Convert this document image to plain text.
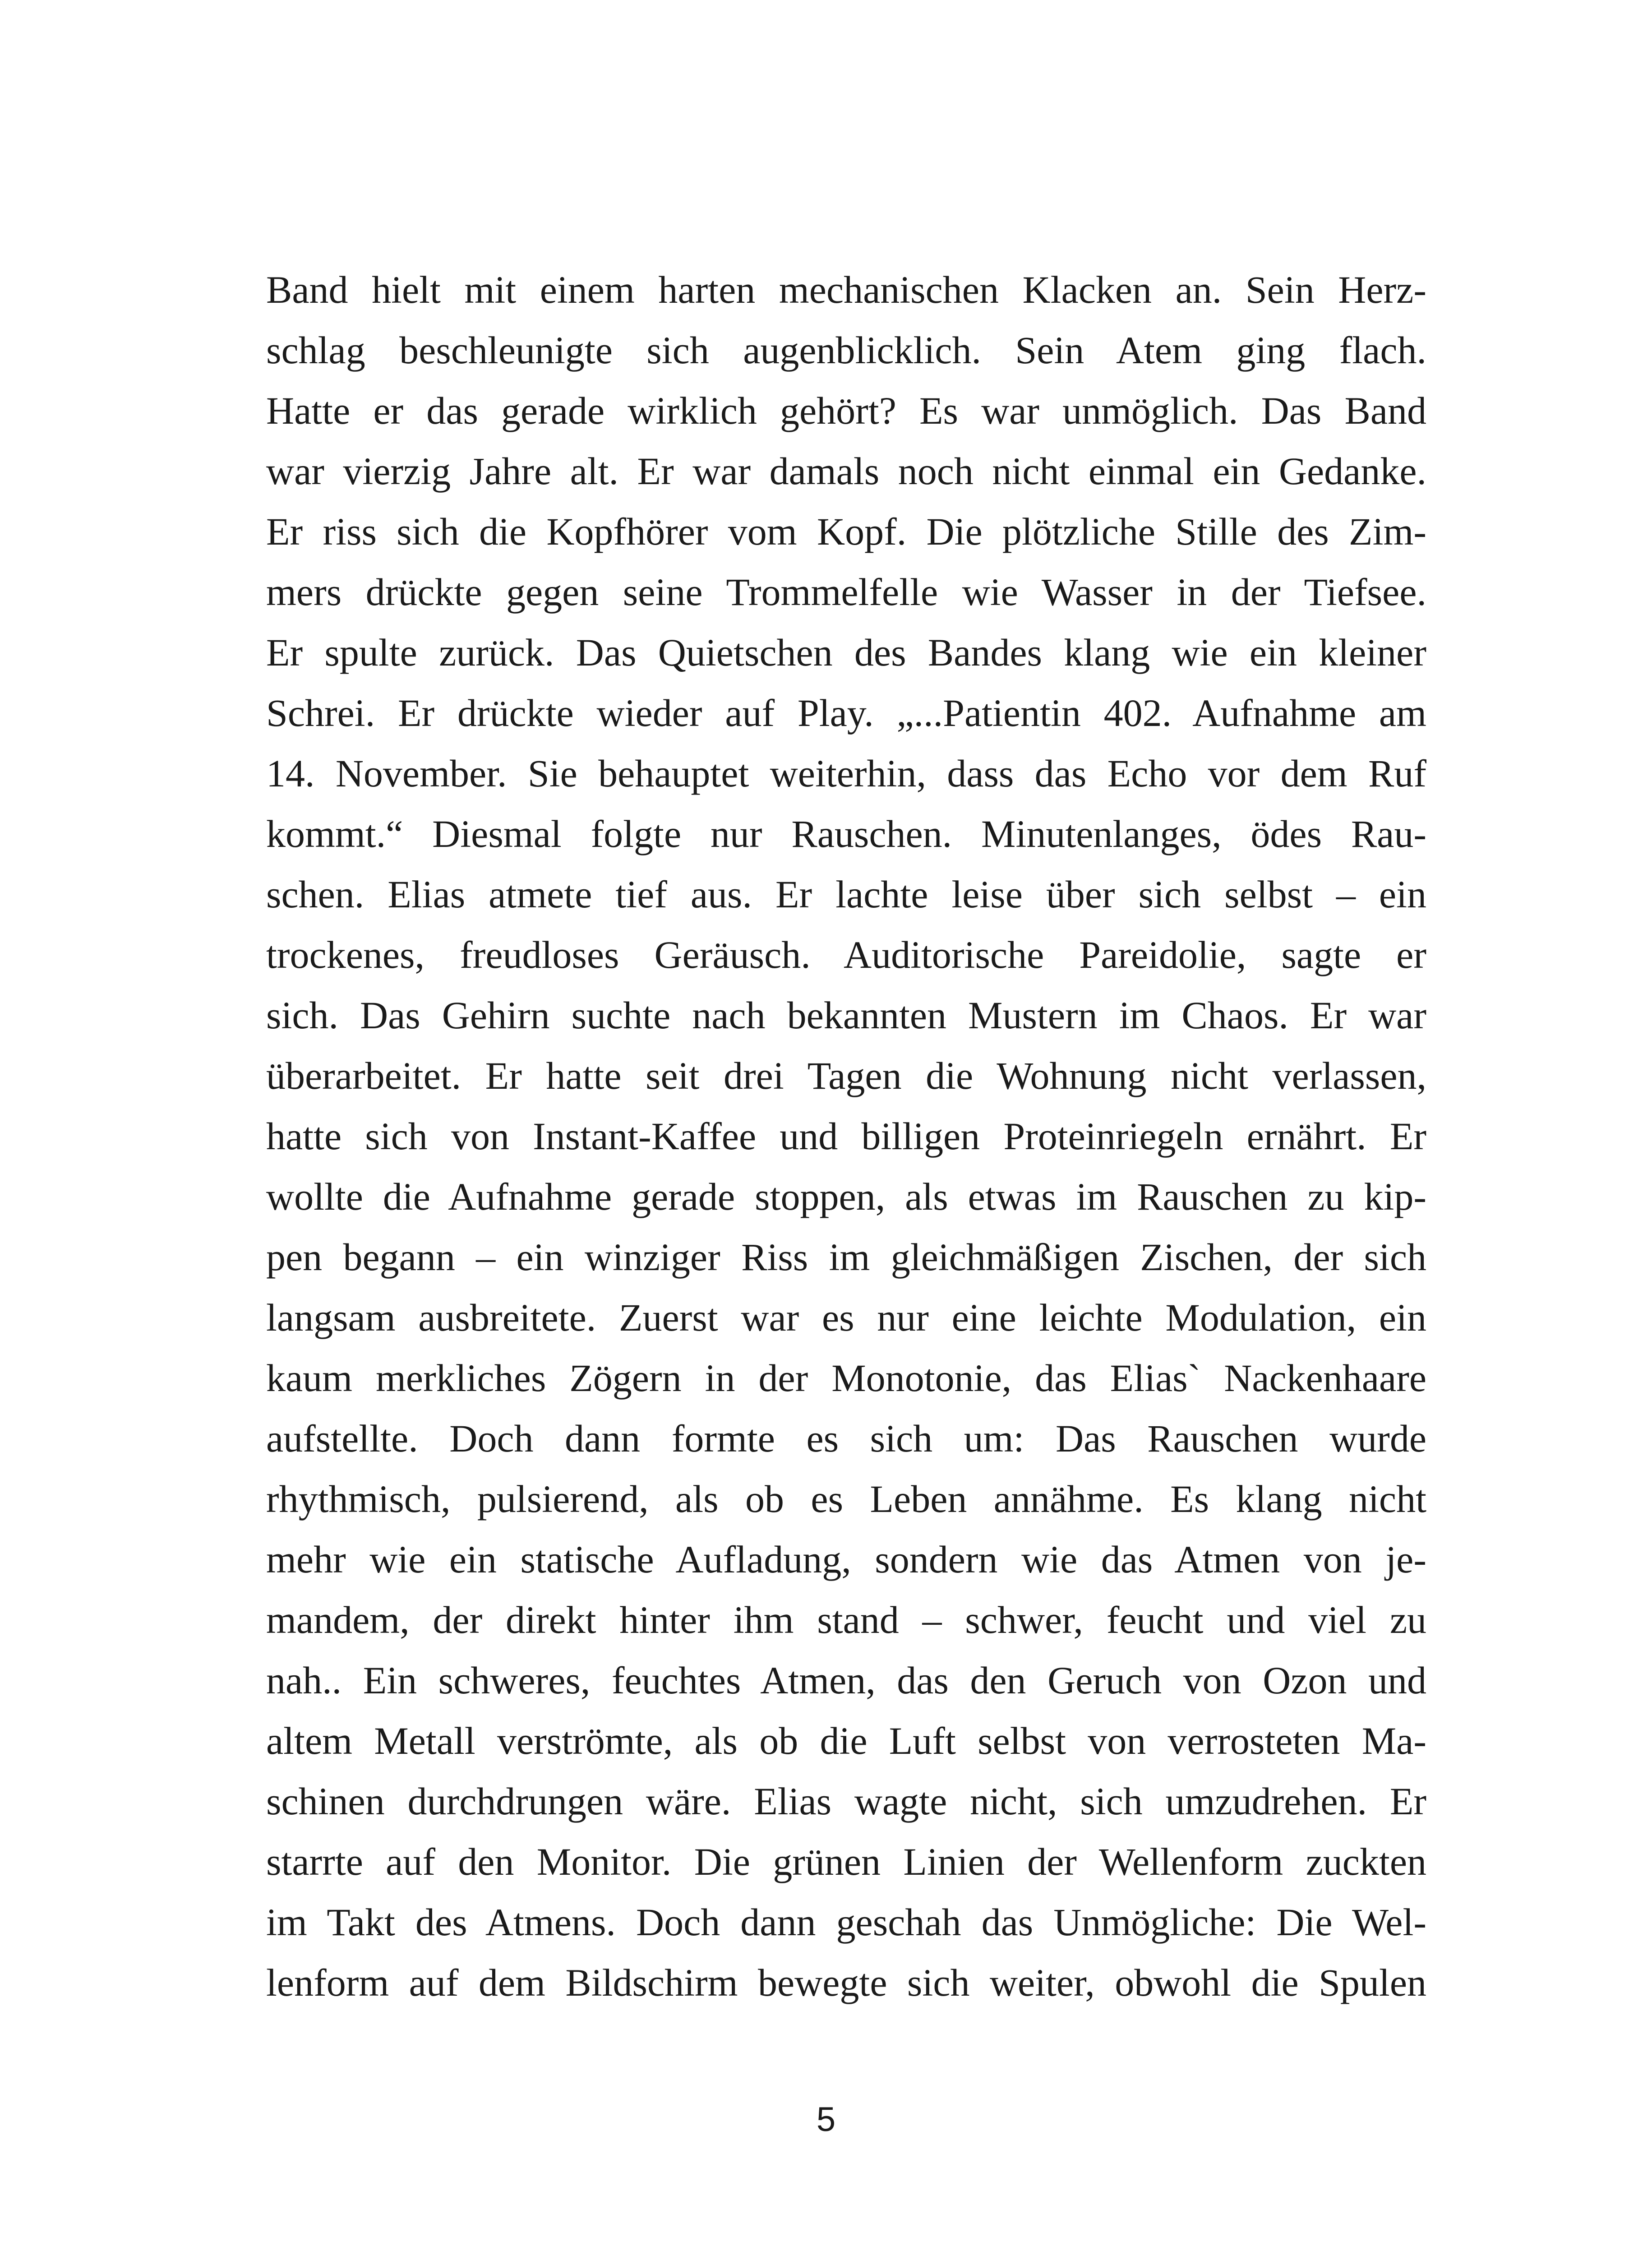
Band hielt mit einem harten mechanischen Klacken an. Sein Herz-
schlag beschleunigte sich augenblicklich. Sein Atem ging flach.
Hatte er das gerade wirklich gehört? Es war unmöglich. Das Band
war vierzig Jahre alt. Er war damals noch nicht einmal ein Gedanke.
Er riss sich die Kopfhörer vom Kopf. Die plötzliche Stille des Zim-
mers drückte gegen seine Trommelfelle wie Wasser in der Tiefsee.
Er spulte zurück. Das Quietschen des Bandes klang wie ein kleiner
Schrei. Er drückte wieder auf Play. „...Patientin 402. Aufnahme am
14. November. Sie behauptet weiterhin, dass das Echo vor dem Ruf
kommt.“ Diesmal folgte nur Rauschen. Minutenlanges, ödes Rau-
schen. Elias atmete tief aus. Er lachte leise über sich selbst – ein
trockenes, freudloses Geräusch. Auditorische Pareidolie, sagte er
sich. Das Gehirn suchte nach bekannten Mustern im Chaos. Er war
überarbeitet. Er hatte seit drei Tagen die Wohnung nicht verlassen,
hatte sich von Instant-Kaffee und billigen Proteinriegeln ernährt. Er
wollte die Aufnahme gerade stoppen, als etwas im Rauschen zu kip-
pen begann – ein winziger Riss im gleichmäßigen Zischen, der sich
langsam ausbreitete. Zuerst war es nur eine leichte Modulation, ein
kaum merkliches Zögern in der Monotonie, das Elias` Nackenhaare
aufstellte. Doch dann formte es sich um: Das Rauschen wurde
rhythmisch, pulsierend, als ob es Leben annähme. Es klang nicht
mehr wie ein statische Aufladung, sondern wie das Atmen von je-
mandem, der direkt hinter ihm stand – schwer, feucht und viel zu
nah.. Ein schweres, feuchtes Atmen, das den Geruch von Ozon und
altem Metall verströmte, als ob die Luft selbst von verrosteten Ma-
schinen durchdrungen wäre. Elias wagte nicht, sich umzudrehen. Er
starrte auf den Monitor. Die grünen Linien der Wellenform zuckten
im Takt des Atmens. Doch dann geschah das Unmögliche: Die Wel-
lenform auf dem Bildschirm bewegte sich weiter, obwohl die Spulen
5
